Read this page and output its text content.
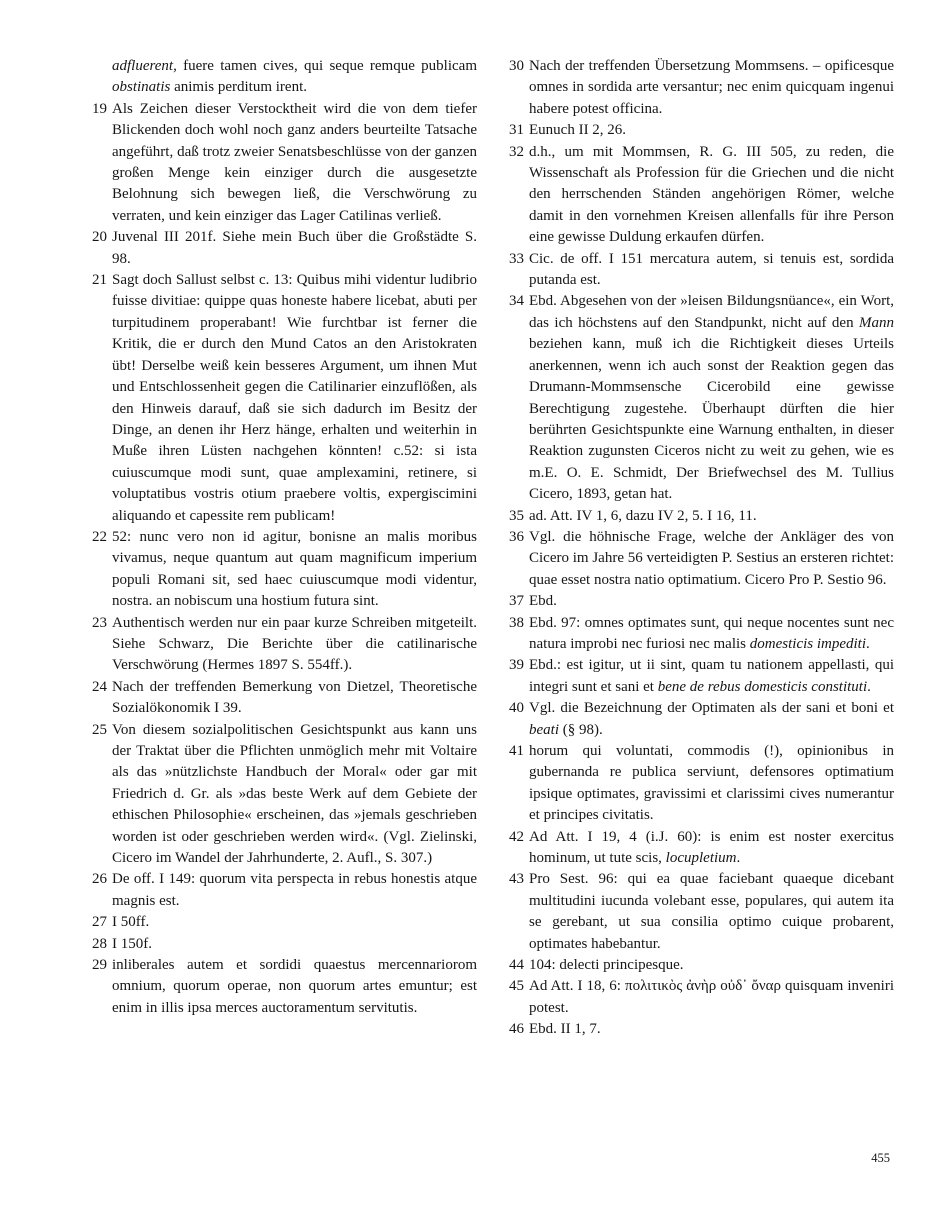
adfluerent, fuere tamen cives, qui seque remque publicam obstinatis animis perditum irent.
19 Als Zeichen dieser Verstocktheit wird die von dem tiefer Blickenden doch wohl noch ganz anders beurteilte Tatsache angeführt, daß trotz zweier Senatsbeschlüsse von der ganzen großen Menge kein einziger durch die ausgesetzte Belohnung sich bewegen ließ, die Verschwörung zu verraten, und kein einziger das Lager Catilinas verließ.
20 Juvenal III 201f. Siehe mein Buch über die Großstädte S. 98.
21 Sagt doch Sallust selbst c. 13: Quibus mihi videntur ludibrio fuisse divitiae: quippe quas honeste habere licebat, abuti per turpitudinem properabant! Wie furchtbar ist ferner die Kritik, die er durch den Mund Catos an den Aristokraten übt! Derselbe weiß kein besseres Argument, um ihnen Mut und Entschlossenheit gegen die Catilinarier einzuflößen, als den Hinweis darauf, daß sie sich dadurch im Besitz der Dinge, an denen ihr Herz hänge, erhalten und weiterhin in Muße ihren Lüsten nachgehen könnten! c.52: si ista cuiuscumque modi sunt, quae amplexamini, retinere, si voluptatibus vostris otium praebere voltis, expergiscimini aliquando et capessite rem publicam!
22 52: nunc vero non id agitur, bonisne an malis moribus vivamus, neque quantum aut quam magnificum imperium populi Romani sit, sed haec cuiuscumque modi videntur, nostra. an nobiscum una hostium futura sint.
23 Authentisch werden nur ein paar kurze Schreiben mitgeteilt. Siehe Schwarz, Die Berichte über die catilinarische Verschwörung (Hermes 1897 S. 554ff.).
24 Nach der treffenden Bemerkung von Dietzel, Theoretische Sozialökonomik I 39.
25 Von diesem sozialpolitischen Gesichtspunkt aus kann uns der Traktat über die Pflichten unmöglich mehr mit Voltaire als das »nützlichste Handbuch der Moral« oder gar mit Friedrich d. Gr. als »das beste Werk auf dem Gebiete der ethischen Philosophie« erscheinen, das »jemals geschrieben worden ist oder geschrieben werden wird«. (Vgl. Zielinski, Cicero im Wandel der Jahrhunderte, 2. Aufl., S. 307.)
26 De off. I 149: quorum vita perspecta in rebus honestis atque magnis est.
27 I 50ff.
28 I 150f.
29 inliberales autem et sordidi quaestus mercennariorom omnium, quorum operae, non quorum artes emuntur; est enim in illis ipsa merces auctoramentum servitutis.
30 Nach der treffenden Übersetzung Mommsens. – opificesque omnes in sordida arte versantur; nec enim quicquam ingenui habere potest officina.
31 Eunuch II 2, 26.
32 d.h., um mit Mommsen, R. G. III 505, zu reden, die Wissenschaft als Profession für die Griechen und die nicht den herrschenden Ständen angehörigen Römer, welche damit in den vornehmen Kreisen allenfalls für ihre Person eine gewisse Duldung erkaufen dürfen.
33 Cic. de off. I 151 mercatura autem, si tenuis est, sordida putanda est.
34 Ebd. Abgesehen von der »leisen Bildungsnüance«, ein Wort, das ich höchstens auf den Standpunkt, nicht auf den Mann beziehen kann, muß ich die Richtigkeit dieses Urteils anerkennen, wenn ich auch sonst der Reaktion gegen das Drumann-Mommsensche Cicerobild eine gewisse Berechtigung zugestehe. Überhaupt dürften die hier berührten Gesichtspunkte eine Warnung enthalten, in dieser Reaktion zugunsten Ciceros nicht zu weit zu gehen, wie es m.E. O. E. Schmidt, Der Briefwechsel des M. Tullius Cicero, 1893, getan hat.
35 ad. Att. IV 1, 6, dazu IV 2, 5. I 16, 11.
36 Vgl. die höhnische Frage, welche der Ankläger des von Cicero im Jahre 56 verteidigten P. Sestius an ersteren richtet: quae esset nostra natio optimatium. Cicero Pro P. Sestio 96.
37 Ebd.
38 Ebd. 97: omnes optimates sunt, qui neque nocentes sunt nec natura improbi nec furiosi nec malis domesticis impediti.
39 Ebd.: est igitur, ut ii sint, quam tu nationem appellasti, qui integri sunt et sani et bene de rebus domesticis constituti.
40 Vgl. die Bezeichnung der Optimaten als der sani et boni et beati (§ 98).
41 horum qui voluntati, commodis (!), opinionibus in gubernanda re publica serviunt, defensores optimatium ipsique optimates, gravissimi et clarissimi cives numerantur et principes civitatis.
42 Ad Att. I 19, 4 (i.J. 60): is enim est noster exercitus hominum, ut tute scis, locupletium.
43 Pro Sest. 96: qui ea quae faciebant quaeque dicebant multitudini iucunda volebant esse, populares, qui autem ita se gerebant, ut sua consilia optimo cuique probarent, optimates habebantur.
44 104: delecti principesque.
45 Ad Att. I 18, 6: πολιτικὸς ἀνὴρ οὐδ᾽ ὄναρ quisquam inveniri potest.
46 Ebd. II 1, 7.
455
